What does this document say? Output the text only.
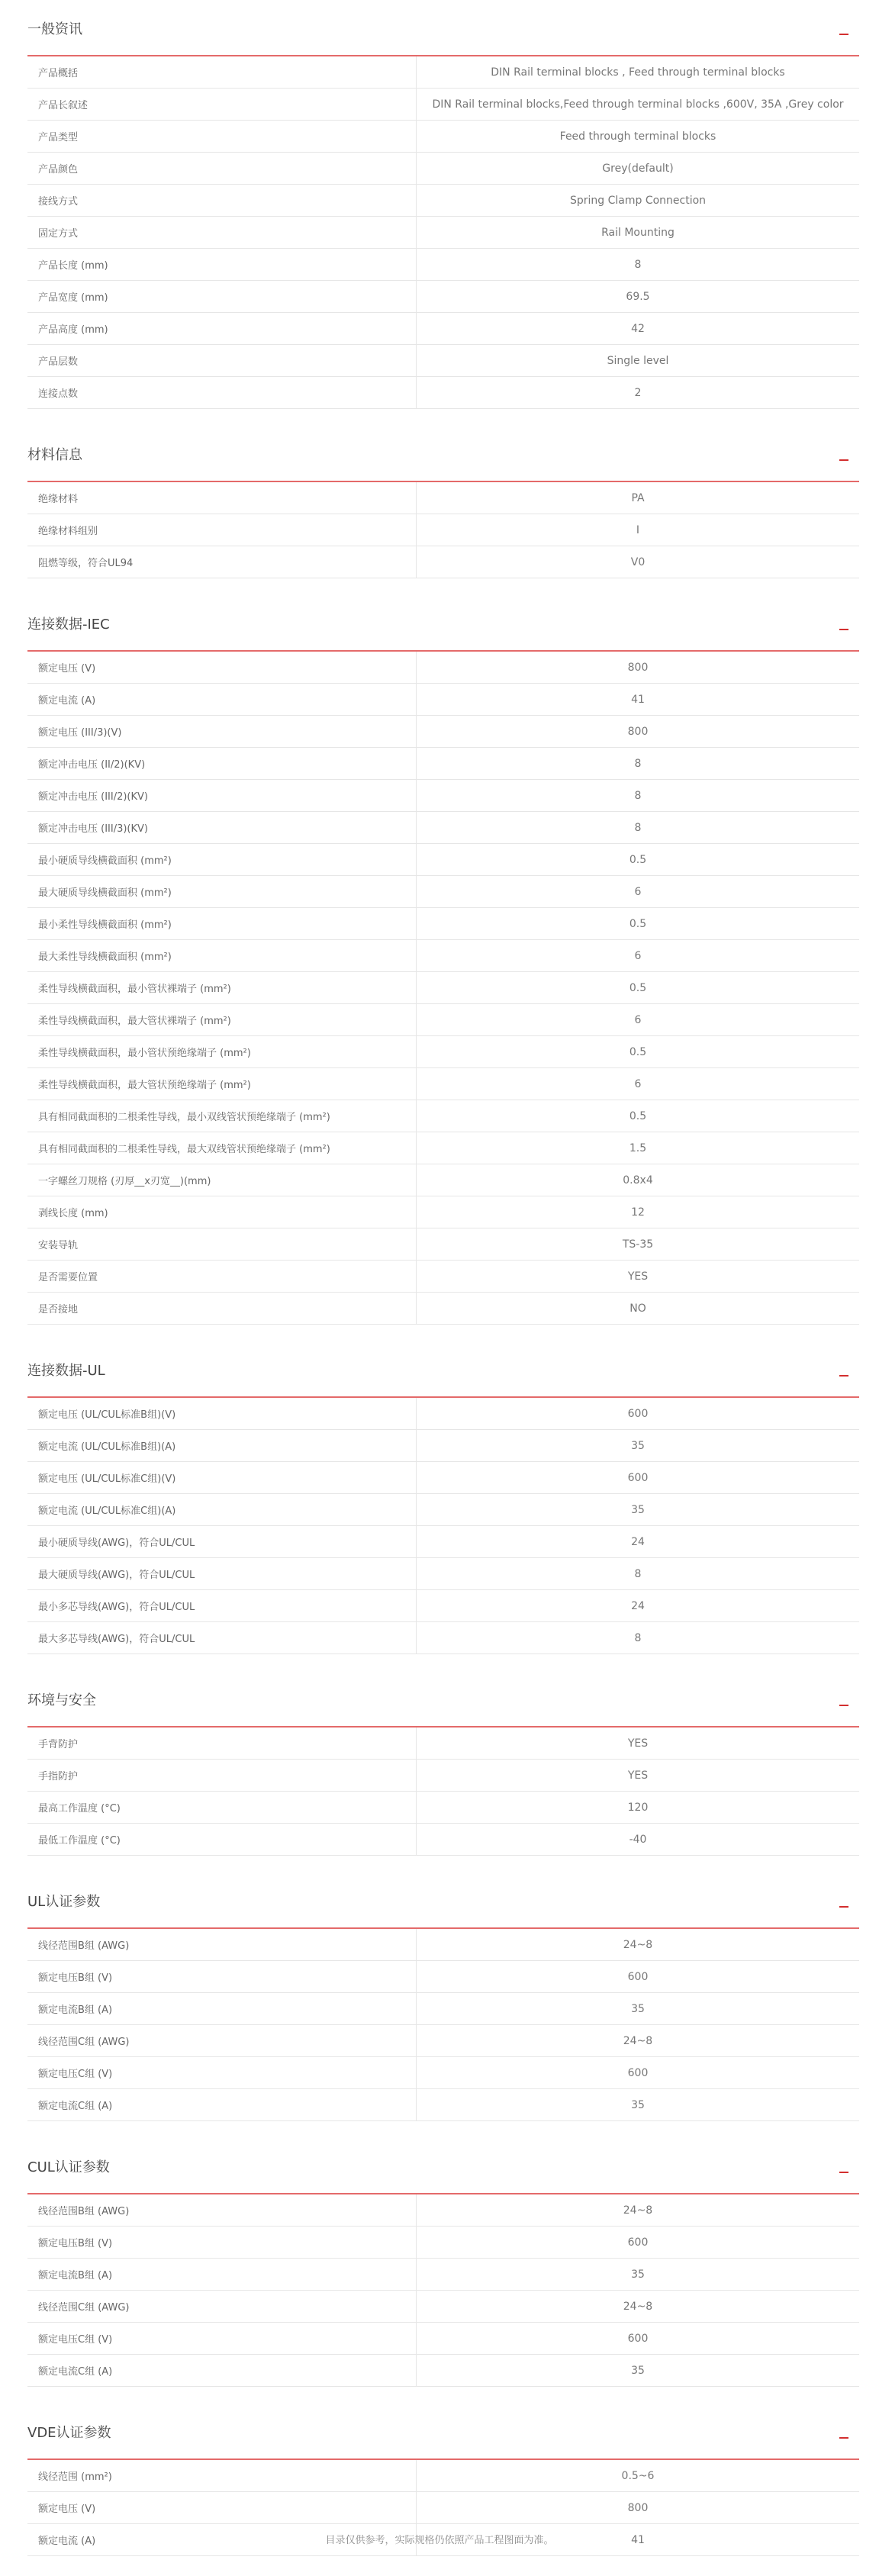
一般资讯
产品概括	DIN Rail terminal blocks , Feed through terminal blocks
产品长叙述	DIN Rail terminal blocks,Feed through terminal blocks ,600V, 35A ,Grey color
产品类型	Feed through terminal blocks
产品颜色	Grey(default)
接线方式	Spring Clamp Connection
固定方式	Rail Mounting
产品长度 (mm)	8
产品宽度 (mm)	69.5
产品高度 (mm)	42
产品层数	Single level
连接点数	2
材料信息
绝缘材料	PA
绝缘材料组别	I
阻燃等级，符合UL94	V0
连接数据-IEC
额定电压 (V)	800
额定电流 (A)	41
额定电压 (III/3)(V)	800
额定冲击电压 (II/2)(KV)	8
额定冲击电压 (III/2)(KV)	8
额定冲击电压 (III/3)(KV)	8
最小硬质导线横截面积 (mm²)	0.5
最大硬质导线横截面积 (mm²)	6
最小柔性导线横截面积 (mm²)	0.5
最大柔性导线横截面积 (mm²)	6
柔性导线横截面积，最小管状裸端子 (mm²)	0.5
柔性导线横截面积，最大管状裸端子 (mm²)	6
柔性导线横截面积，最小管状预绝缘端子 (mm²)	0.5
柔性导线横截面积，最大管状预绝缘端子 (mm²)	6
具有相同截面积的二根柔性导线，最小双线管状预绝缘端子 (mm²)	0.5
具有相同截面积的二根柔性导线，最大双线管状预绝缘端子 (mm²)	1.5
一字螺丝刀规格 (刃厚__x刃宽__)(mm)	0.8x4
剥线长度 (mm)	12
安装导轨	TS-35
是否需要位置	YES
是否接地	NO
连接数据-UL
额定电压 (UL/CUL标准B组)(V)	600
额定电流 (UL/CUL标准B组)(A)	35
额定电压 (UL/CUL标准C组)(V)	600
额定电流 (UL/CUL标准C组)(A)	35
最小硬质导线(AWG)，符合UL/CUL	24
最大硬质导线(AWG)，符合UL/CUL	8
最小多芯导线(AWG)，符合UL/CUL	24
最大多芯导线(AWG)，符合UL/CUL	8
环境与安全
手背防护	YES
手指防护	YES
最高工作温度 (°C)	120
最低工作温度 (°C)	-40
UL认证参数
线径范围B组 (AWG)	24~8
额定电压B组 (V)	600
额定电流B组 (A)	35
线径范围C组 (AWG)	24~8
额定电压C组 (V)	600
额定电流C组 (A)	35
CUL认证参数
线径范围B组 (AWG)	24~8
额定电压B组 (V)	600
额定电流B组 (A)	35
线径范围C组 (AWG)	24~8
额定电压C组 (V)	600
额定电流C组 (A)	35
VDE认证参数
线径范围 (mm²)	0.5~6
额定电压 (V)	800
额定电流 (A)	41
目录仅供参考，实际规格仍依照产品工程图面为准。
